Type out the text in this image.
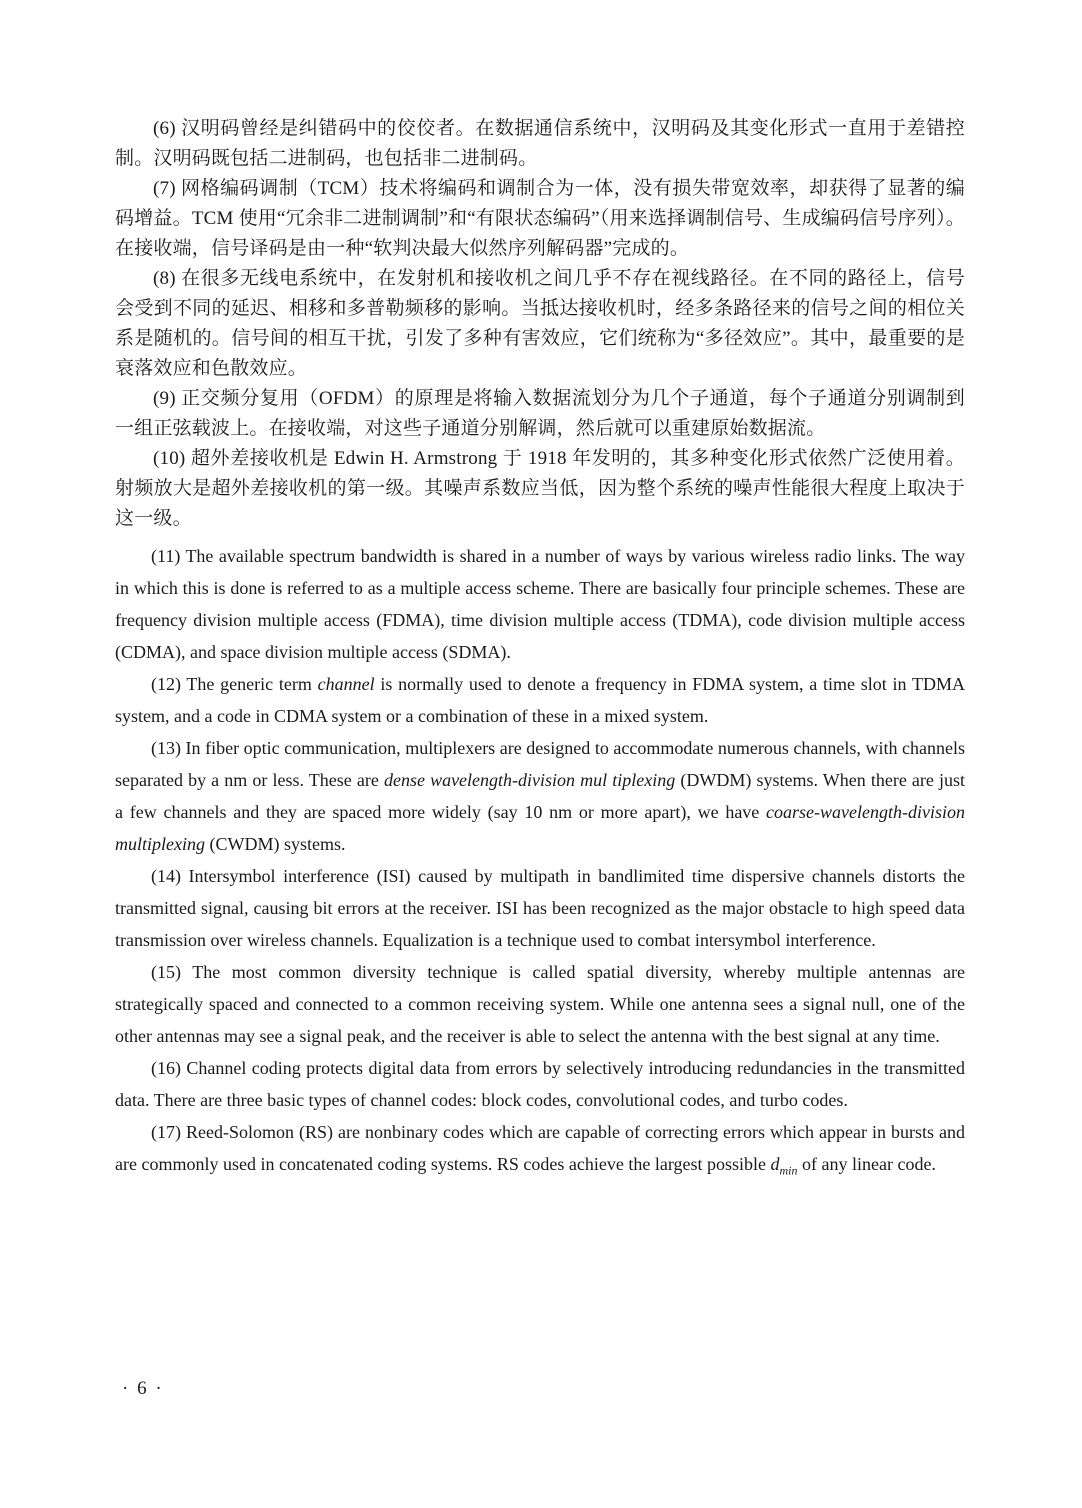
(6) 汉明码曾经是纠错码中的佼佼者。在数据通信系统中，汉明码及其变化形式一直用于差错控制。汉明码既包括二进制码，也包括非二进制码。

(7) 网格编码调制（TCM）技术将编码和调制合为一体，没有损失带宽效率，却获得了显著的编码增益。TCM 使用“冗余非二进制调制”和“有限状态编码”（用来选择调制信号、生成编码信号序列）。在接收端，信号译码是由一种“软判决最大似然序列解码器”完成的。

(8) 在很多无线电系统中，在发射机和接收机之间几乎不存在视线路径。在不同的路径上，信号会受到不同的延迟、相移和多普勒频移的影响。当抵达接收机时，经多条路径来的信号之间的相位关系是随机的。信号间的相互干扰，引发了多种有害效应，它们统称为“多径效应”。其中，最重要的是衰落效应和色散效应。

(9) 正交频分复用（OFDM）的原理是将输入数据流划分为几个子通道，每个子通道分别调制到一组正弦载波上。在接收端，对这些子通道分别解调，然后就可以重建原始数据流。

(10) 超外差接收机是 Edwin H. Armstrong 于 1918 年发明的，其多种变化形式依然广泛使用着。射频放大是超外差接收机的第一级。其噪声系数应当低，因为整个系统的噪声性能很大程度上取决于这一级。

(11) The available spectrum bandwidth is shared in a number of ways by various wireless radio links. The way in which this is done is referred to as a multiple access scheme. There are basically four principle schemes. These are frequency division multiple access (FDMA), time division multiple access (TDMA), code division multiple access (CDMA), and space division multiple access (SDMA).

(12) The generic term channel is normally used to denote a frequency in FDMA system, a time slot in TDMA system, and a code in CDMA system or a combination of these in a mixed system.

(13) In fiber optic communication, multiplexers are designed to accommodate numerous channels, with channels separated by a nm or less. These are dense wavelength-division mul tiplexing (DWDM) systems. When there are just a few channels and they are spaced more widely (say 10 nm or more apart), we have coarse-wavelength-division multiplexing (CWDM) systems.

(14) Intersymbol interference (ISI) caused by multipath in bandlimited time dispersive channels distorts the transmitted signal, causing bit errors at the receiver. ISI has been recognized as the major obstacle to high speed data transmission over wireless channels. Equalization is a technique used to combat intersymbol interference.

(15) The most common diversity technique is called spatial diversity, whereby multiple antennas are strategically spaced and connected to a common receiving system. While one antenna sees a signal null, one of the other antennas may see a signal peak, and the receiver is able to select the antenna with the best signal at any time.

(16) Channel coding protects digital data from errors by selectively introducing redundancies in the transmitted data. There are three basic types of channel codes: block codes, convolutional codes, and turbo codes.

(17) Reed-Solomon (RS) are nonbinary codes which are capable of correcting errors which appear in bursts and are commonly used in concatenated coding systems. RS codes achieve the largest possible $d_{min}$ of any linear code.

· 6 ·
